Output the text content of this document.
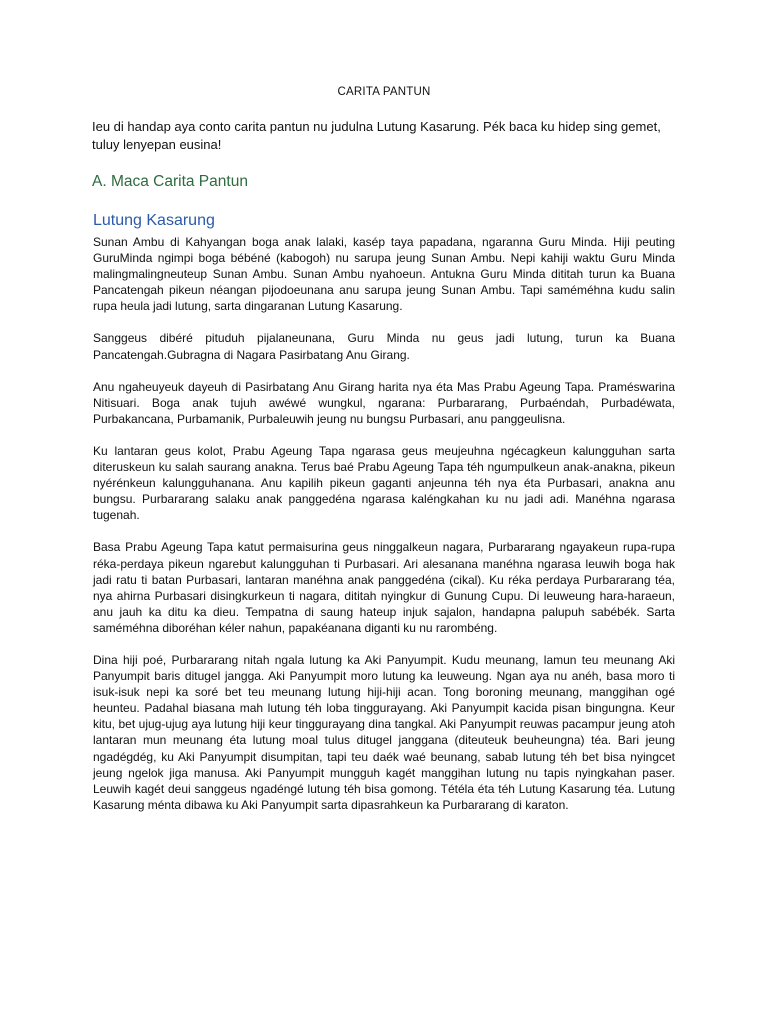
CARITA PANTUN
Ieu di handap aya conto carita pantun nu judulna Lutung Kasarung. Pék baca ku hidep sing gemet, tuluy lenyepan eusina!
A. Maca Carita Pantun
Lutung Kasarung

Sunan Ambu di Kahyangan boga anak lalaki, kasép taya papadana, ngaranna Guru Minda. Hiji peuting GuruMinda ngimpi boga bébéné (kabogoh) nu sarupa jeung Sunan Ambu. Nepi kahiji waktu Guru Minda malingmalingneuteup Sunan Ambu. Sunan Ambu nyahoeun. Antukna Guru Minda dititah turun ka Buana Pancatengah pikeun néangan pijodoeunana anu sarupa jeung Sunan Ambu. Tapi saméméhna kudu salin rupa heula jadi lutung, sarta dingaranan Lutung Kasarung.

Sanggeus dibéré pituduh pijalaneunana, Guru Minda nu geus jadi lutung, turun ka Buana Pancatengah.Gubragna di Nagara Pasirbatang Anu Girang.

Anu ngaheuyeuk dayeuh di Pasirbatang Anu Girang harita nya éta Mas Prabu Ageung Tapa. Praméswarina Nitisuari. Boga anak tujuh awéwé wungkul, ngarana: Purbararang, Purbaéndah, Purbadéwata, Purbakancana, Purbamanik, Purbaleuwih jeung nu bungsu Purbasari, anu panggeulisna.

Ku lantaran geus kolot, Prabu Ageung Tapa ngarasa geus meujeuhna ngécagkeun kalungguhan sarta diteruskeun ku salah saurang anakna. Terus baé Prabu Ageung Tapa téh ngumpulkeun anak-anakna, pikeun nyérénkeun kalungguhanana. Anu kapilih pikeun gaganti anjeunna téh nya éta Purbasari, anakna anu bungsu. Purbararang salaku anak panggedéna ngarasa kaléngkahan ku nu jadi adi. Manéhna ngarasa tugenah.

Basa Prabu Ageung Tapa katut permaisurina geus ninggalkeun nagara, Purbararang ngayakeun rupa-rupa réka-perdaya pikeun ngarebut kalungguhan ti Purbasari. Ari alesanana manéhna ngarasa leuwih boga hak jadi ratu ti batan Purbasari, lantaran manéhna anak panggedéna (cikal). Ku réka perdaya Purbararang téa, nya ahirna Purbasari disingkurkeun ti nagara, dititah nyingkur di Gunung Cupu. Di leuweung hara-haraeun, anu jauh ka ditu ka dieu. Tempatna di saung hateup injuk sajalon, handapna palupuh sabébék. Sarta saméméhna diboréhan kéler nahun, papakéanana diganti ku nu rarombéng.

Dina hiji poé, Purbararang nitah ngala lutung ka Aki Panyumpit. Kudu meunang, lamun teu meunang Aki Panyumpit baris ditugel jangga. Aki Panyumpit moro lutung ka leuweung. Ngan aya nu anéh, basa moro ti isuk-isuk nepi ka soré bet teu meunang lutung hiji-hiji acan. Tong boroning meunang, manggihan ogé heunteu. Padahal biasana mah lutung téh loba tinggurayang. Aki Panyumpit kacida pisan bingungna. Keur kitu, bet ujug-ujug aya lutung hiji keur tinggurayang dina tangkal. Aki Panyumpit reuwas pacampur jeung atoh lantaran mun meunang éta lutung moal tulus ditugel janggana (diteuteuk beuheungna) téa. Bari jeung ngadégdég, ku Aki Panyumpit disumpitan, tapi teu daék waé beunang, sabab lutung téh bet bisa nyingcet jeung ngelok jiga manusa. Aki Panyumpit mungguh kagét manggihan lutung nu tapis nyingkahan paser. Leuwih kagét deui sanggeus ngadéngé lutung téh bisa gomong. Tétéla éta téh Lutung Kasarung téa. Lutung Kasarung ménta dibawa ku Aki Panyumpit sarta dipasrahkeun ka Purbararang di karaton.
